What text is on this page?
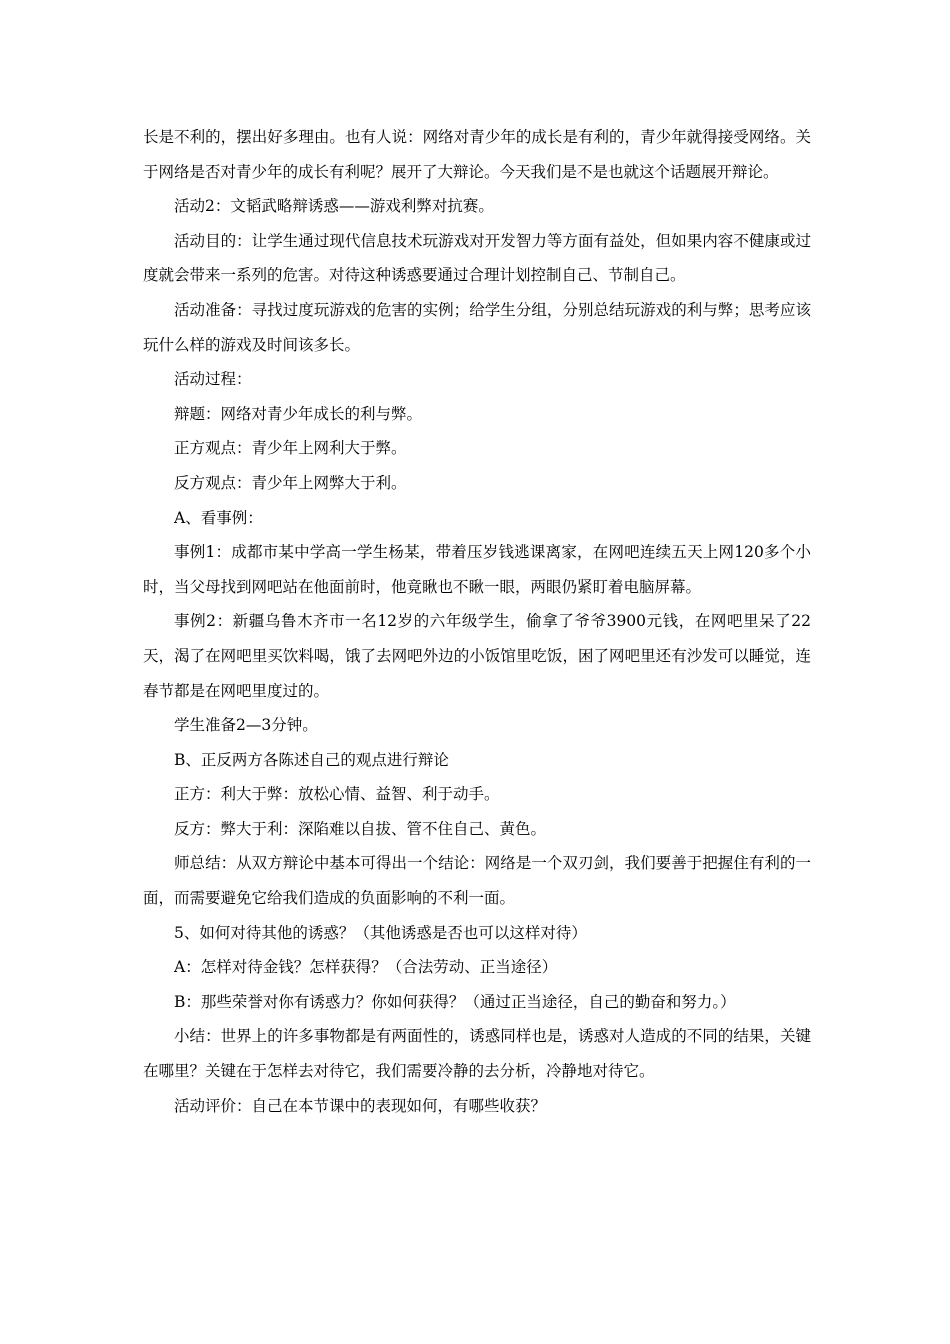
长是不利的，摆出好多理由。也有人说：网络对青少年的成长是有利的，青少年就得接受网络。关于网络是否对青少年的成长有利呢？展开了大辩论。今天我们是不是也就这个话题展开辩论。

活动2：文韬武略辩诱惑——游戏利弊对抗赛。

活动目的：让学生通过现代信息技术玩游戏对开发智力等方面有益处，但如果内容不健康或过度就会带来一系列的危害。对待这种诱惑要通过合理计划控制自己、节制自己。

活动准备：寻找过度玩游戏的危害的实例；给学生分组，分别总结玩游戏的利与弊；思考应该玩什么样的游戏及时间该多长。

活动过程：

辩题：网络对青少年成长的利与弊。

正方观点：青少年上网利大于弊。

反方观点：青少年上网弊大于利。

A、看事例：

事例1：成都市某中学高一学生杨某，带着压岁钱逃课离家，在网吧连续五天上网120多个小时，当父母找到网吧站在他面前时，他竟瞅也不瞅一眼，两眼仍紧盯着电脑屏幕。

事例2：新疆乌鲁木齐市一名12岁的六年级学生，偷拿了爷爷3900元钱，在网吧里呆了22天，渴了在网吧里买饮料喝，饿了去网吧外边的小饭馆里吃饭，困了网吧里还有沙发可以睡觉，连春节都是在网吧里度过的。

学生准备2—3分钟。

B、正反两方各陈述自己的观点进行辩论

正方：利大于弊：放松心情、益智、利于动手。

反方：弊大于利：深陷难以自拔、管不住自己、黄色。

师总结：从双方辩论中基本可得出一个结论：网络是一个双刃剑，我们要善于把握住有利的一面，而需要避免它给我们造成的负面影响的不利一面。

5、如何对待其他的诱惑？（其他诱惑是否也可以这样对待）

A：怎样对待金钱？怎样获得？（合法劳动、正当途径）

B：那些荣誉对你有诱惑力？你如何获得？（通过正当途径，自己的勤奋和努力。）

小结：世界上的许多事物都是有两面性的，诱惑同样也是，诱惑对人造成的不同的结果，关键在哪里？关键在于怎样去对待它，我们需要冷静的去分析，冷静地对待它。

活动评价：自己在本节课中的表现如何，有哪些收获？
